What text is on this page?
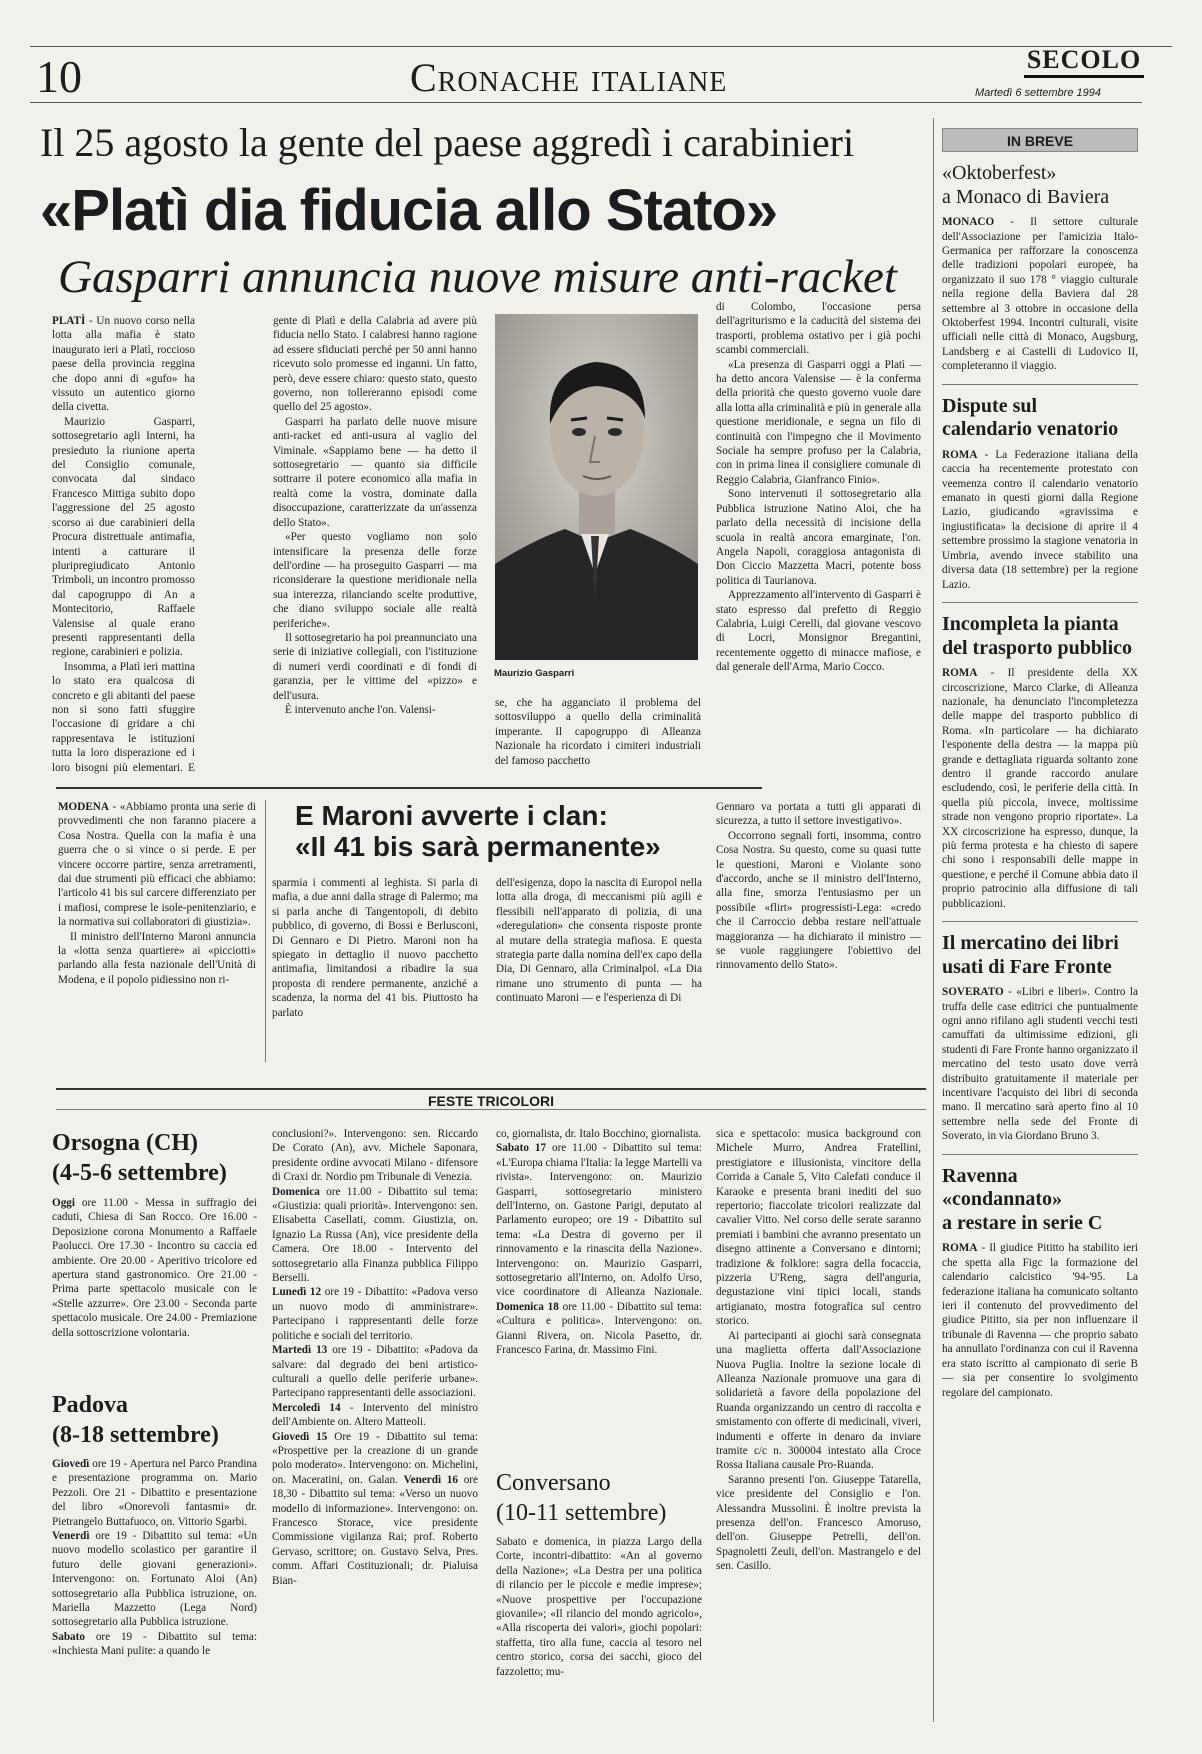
10	Cronache italiane	SECOLO
Martedì 6 settembre 1994
Il 25 agosto la gente del paese aggredì i carabinieri
«Platì dia fiducia allo Stato»
Gasparri annuncia nuove misure anti-racket

PLATÌ - Un nuovo corso nella lotta alla mafia è stato inaugurato ieri a Platì, roccioso paese della provincia reggina che dopo anni di «gufo» ha vissuto un autentico giorno della civetta.

Maurizio Gasparri, sottosegretario agli Interni, ha presieduto la riunione aperta del Consiglio comunale, convocata dal sindaco Francesco Mittiga subito dopo l'aggressione del 25 agosto scorso ai due carabinieri della Procura distrettuale antimafia, intenti a catturare il pluripregiudicato Antonio Trimboli, un incontro promosso dal capogruppo di An a Montecitorio, Raffaele Valensise al quale erano presenti rappresentanti della regione, carabinieri e polizia.

Insomma, a Platì ieri mattina lo stato era qualcosa di concreto e gli abitanti del paese non si sono fatti sfuggire l'occasione di gridare a chi rappresentava le istituzioni tutta la loro disperazione ed i loro bisogni più elementari. E

gente di Platì e della Calabria ad avere più fiducia nello Stato. I calabresi hanno ragione ad essere sfiduciati perché per 50 anni hanno ricevuto solo promesse ed inganni. Un fatto, però, deve essere chiaro: questo stato, questo governo, non tollereranno episodi come quello del 25 agosto».

Gasparri ha parlato delle nuove misure anti-racket ed anti-usura al vaglio del Viminale. «Sappiamo bene — ha detto il sottosegretario — quanto sia difficile sottrarre il potere economico alla mafia in realtà come la vostra, dominate dalla disoccupazione, caratterizzate da un'assenza dello Stato».

«Per questo vogliamo non solo intensificare la presenza delle forze dell'ordine — ha proseguito Gasparri — ma riconsiderare la questione meridionale nella sua interezza, rilanciando scelte produttive, che diano sviluppo sociale alle realtà periferiche».

Il sottosegretario ha poi preannunciato una serie di iniziative collegiali, con l'istituzione di numeri verdi coordinati e di fondi di garanzia, per le vittime del «pizzo» e dell'usura.

È intervenuto anche l'on. Valensi-

Maurizio Gasparri

se, che ha agganciato il problema del sottosviluppo a quello della criminalità imperante. Il capogruppo di Alleanza Nazionale ha ricordato i cimiteri industriali del famoso pacchetto

di Colombo, l'occasione persa dell'agriturismo e la caducità del sistema dei trasporti, problema ostativo per i già pochi scambi commerciali.

«La presenza di Gasparri oggi a Platì — ha detto ancora Valensise — è la conferma della priorità che questo governo vuole dare alla lotta alla criminalità e più in generale alla questione meridionale, e segna un filo di continuità con l'impegno che il Movimento Sociale ha sempre profuso per la Calabria, con in prima linea il consigliere comunale di Reggio Calabria, Gianfranco Finio».

Sono intervenuti il sottosegretario alla Pubblica istruzione Natino Aloi, che ha parlato della necessità di incisione della scuola in realtà ancora emarginate, l'on. Angela Napoli, coraggiosa antagonista di Don Ciccio Mazzetta Macrì, potente boss politica di Taurianova.

Apprezzamento all'intervento di Gasparri è stato espresso dal prefetto di Reggio Calabria, Luigi Cerelli, dal giovane vescovo di Locri, Monsignor Bregantini, recentemente oggetto di minacce mafiose, e dal generale dell'Arma, Mario Cocco.

E Maroni avverte i clan:
«Il 41 bis sarà permanente»

MODENA - «Abbiamo pronta una serie di provvedimenti che non faranno piacere a Cosa Nostra. Quella con la mafia è una guerra che o si vince o si perde. E per vincere occorre partire, senza arretramenti, dai due strumenti più efficaci che abbiamo: l'articolo 41 bis sul carcere differenziato per i mafiosi, comprese le isole-penitenziario, e la normativa sui collaboratori di giustizia».

Il ministro dell'Interno Maroni annuncia la «lotta senza quartiere» ai «picciotti» parlando alla festa nazionale dell'Unità di Modena, e il popolo pidiessino non ri-

sparmia i commenti al leghista. Si parla di mafia, a due anni dalla strage di Palermo; ma si parla anche di Tangentopoli, di debito pubblico, di governo, di Bossi e Berlusconi, Di Gennaro e Di Pietro. Maroni non ha spiegato in dettaglio il nuovo pacchetto antimafia, limitandosi a ribadire la sua proposta di rendere permanente, anziché a scadenza, la norma del 41 bis. Piuttosto ha parlato

dell'esigenza, dopo la nascita di Europol nella lotta alla droga, di meccanismi più agili e flessibili nell'apparato di polizia, di una «deregulation» che consenta risposte pronte al mutare della strategia mafiosa. E questa strategia parte dalla nomina dell'ex capo della Dia, Di Gennaro, alla Criminalpol. «La Dia rimane uno strumento di punta — ha continuato Maroni — e l'esperienza di Di

Gennaro va portata a tutti gli apparati di sicurezza, a tutto il settore investigativo».

Occorrono segnali forti, insomma, contro Cosa Nostra. Su questo, come su quasi tutte le questioni, Maroni e Violante sono d'accordo, anche se il ministro dell'Interno, alla fine, smorza l'entusiasmo per un possibile «flirt» progressisti-Lega: «credo che il Carroccio debba restare nell'attuale maggioranza — ha dichiarato il ministro — se vuole raggiungere l'obiettivo del rinnovamento dello Stato».

FESTE TRICOLORI
Orsogna (CH)
(4-5-6 settembre)

Oggi ore 11.00 - Messa in suffragio dei caduti, Chiesa di San Rocco. Ore 16.00 - Deposizione corona Monumento a Raffaele Paolucci. Ore 17.30 - Incontro su caccia ed ambiente. Ore 20.00 - Aperitivo tricolore ed apertura stand gastronomico. Ore 21.00 - Prima parte spettacolo musicale con le «Stelle azzurre». Ore 23.00 - Seconda parte spettacolo musicale. Ore 24.00 - Premiazione della sottoscrizione volontaria.

Padova
(8-18 settembre)

Giovedì ore 19 - Apertura nel Parco Prandina e presentazione programma on. Mario Pezzoli. Ore 21 - Dibattito e presentazione del libro «Onorevoli fantasmi» dr. Pietrangelo Buttafuoco, on. Vittorio Sgarbi.

Venerdì ore 19 - Dibattito sul tema: «Un nuovo modello scolastico per garantire il futuro delle giovani generazioni». Intervengono: on. Fortunato Aloi (An) sottosegretario alla Pubblica istruzione, on. Mariella Mazzetto (Lega Nord) sottosegretario alla Pubblica istruzione.

Sabato ore 19 - Dibattito sul tema: «Inchiesta Mani pulite: a quando le

conclusioni?». Intervengono: sen. Riccardo De Corato (An), avv. Michele Saponara, presidente ordine avvocati Milano - difensore di Craxi dr. Nordio pm Tribunale di Venezia.

Domenica ore 11.00 - Dibattito sul tema: «Giustizia: quali priorità». Intervengono: sen. Elisabetta Casellati, comm. Giustizia, on. Ignazio La Russa (An), vice presidente della Camera. Ore 18.00 - Intervento del sottosegretario alla Finanza pubblica Filippo Berselli.

Lunedì 12 ore 19 - Dibattito: «Padova verso un nuovo modo di amministrare». Partecipano i rappresentanti delle forze politiche e sociali del territorio.

Martedì 13 ore 19 - Dibattito: «Padova da salvare: dal degrado dei beni artistico-culturali a quello delle periferie urbane». Partecipano rappresentanti delle associazioni.

Mercoledì 14 - Intervento del ministro dell'Ambiente on. Altero Matteoli.

Giovedì 15 Ore 19 - Dibattito sul tema: «Prospettive per la creazione di un grande polo moderato». Intervengono: on. Michelini, on. Maceratini, on. Galan. Venerdì 16 ore 18,30 - Dibattito sul tema: «Verso un nuovo modello di informazione». Intervengono: on. Francesco Storace, vice presidente Commissione vigilanza Rai; prof. Roberto Gervaso, scrittore; on. Gustavo Selva, Pres. comm. Affari Costituzionali; dr. Pialuisa Bian-

co, giornalista, dr. Italo Bocchino, giornalista.

Sabato 17 ore 11.00 - Dibattito sul tema: «L'Europa chiama l'Italia: la legge Martelli va rivista». Intervengono: on. Maurizio Gasparri, sottosegretario ministero dell'Interno, on. Gastone Parigi, deputato al Parlamento europeo; ore 19 - Dibattito sul tema: «La Destra di governo per il rinnovamento e la rinascita della Nazione». Intervengono: on. Maurizio Gasparri, sottosegretario all'Interno, on. Adolfo Urso, vice coordinatore di Alleanza Nazionale. Domenica 18 ore 11.00 - Dibattito sul tema: «Cultura e politica». Intervengono: on. Gianni Rivera, on. Nicola Pasetto, dr. Francesco Farina, dr. Massimo Fini.

Conversano
(10-11 settembre)

Sabato e domenica, in piazza Largo della Corte, incontri-dibattito: «An al governo della Nazione»; «La Destra per una politica di rilancio per le piccole e medie imprese»; «Nuove prospettive per l'occupazione giovanile»; «Il rilancio del mondo agricolo», «Alla riscoperta dei valori», giochi popolari: staffetta, tiro alla fune, caccia al tesoro nel centro storico, corsa dei sacchi, gioco del fazzoletto; mu-

sica e spettacolo: musica background con Michele Murro, Andrea Fratellini, prestigiatore e illusionista, vincitore della Corrida a Canale 5, Vito Calefati conduce il Karaoke e presenta brani inediti del suo repertorio; fiaccolate tricolori realizzate dal cavalier Vitto. Nel corso delle serate saranno premiati i bambini che avranno presentato un disegno attinente a Conversano e dintorni; tradizione & folklore: sagra della focaccia, pizzeria U'Reng, sagra dell'anguria, degustazione vini tipici locali, stands artigianato, mostra fotografica sul centro storico.

Ai partecipanti ai giochi sarà consegnata una maglietta offerta dall'Associazione Nuova Puglia. Inoltre la sezione locale di Alleanza Nazionale promuove una gara di solidarietà a favore della popolazione del Ruanda organizzando un centro di raccolta e smistamento con offerte di medicinali, viveri, indumenti e offerte in denaro da inviare tramite c/c n. 300004 intestato alla Croce Rossa Italiana causale Pro-Ruanda.

Saranno presenti l'on. Giuseppe Tatarella, vice presidente del Consiglio e l'on. Alessandra Mussolini. È inoltre prevista la presenza dell'on. Francesco Amoruso, dell'on. Giuseppe Petrelli, dell'on. Spagnoletti Zeuli, dell'on. Mastrangelo e del sen. Casillo.

IN BREVE
«Oktoberfest»
a Monaco di Baviera
MONACO - Il settore culturale dell'Associazione per l'amicizia Italo-Germanica per rafforzare la conoscenza delle tradizioni popolari europee, ha organizzato il suo 178 ° viaggio culturale nella regione della Baviera dal 28 settembre al 3 ottobre in occasione della Oktoberfest 1994. Incontri culturali, visite ufficiali nelle città di Monaco, Augsburg, Landsberg e ai Castelli di Ludovico II, completeranno il viaggio.
Dispute sul
calendario venatorio
ROMA - La Federazione italiana della caccia ha recentemente protestato con veemenza contro il calendario venatorio emanato in questi giorni dalla Regione Lazio, giudicando «gravissima e ingiustificata» la decisione di aprire il 4 settembre prossimo la stagione venatoria in Umbria, avendo invece stabilito una diversa data (18 settembre) per la regione Lazio.
Incompleta la pianta
del trasporto pubblico
ROMA - Il presidente della XX circoscrizione, Marco Clarke, di Alleanza nazionale, ha denunciato l'incompletezza delle mappe del trasporto pubblico di Roma. «In particolare — ha dichiarato l'esponente della destra — la mappa più grande e dettagliata riguarda soltanto zone dentro il grande raccordo anulare escludendo, così, le periferie della città. In quella più piccola, invece, moltissime strade non vengono proprio riportate». La XX circoscrizione ha espresso, dunque, la più ferma protesta e ha chiesto di sapere chi sono i responsabili delle mappe in questione, e perché il Comune abbia dato il proprio patrocinio alla diffusione di tali pubblicazioni.
Il mercatino dei libri
usati di Fare Fronte
SOVERATO - «Libri e liberi». Contro la truffa delle case editrici che puntualmente ogni anno rifilano agli studenti vecchi testi camuffati da ultimissime edizioni, gli studenti di Fare Fronte hanno organizzato il mercatino del testo usato dove verrà distribuito gratuitamente il materiale per incentivare l'acquisto dei libri di seconda mano. Il mercatino sarà aperto fino al 10 settembre nella sede del Fronte di Soverato, in via Giordano Bruno 3.
Ravenna «condannato»
a restare in serie C
ROMA - Il giudice Pititto ha stabilito ieri che spetta alla Figc la formazione del calendario calcistico '94-'95. La federazione italiana ha comunicato soltanto ieri il contenuto del provvedimento del giudice Pititto, sia per non influenzare il tribunale di Ravenna — che proprio sabato ha annullato l'ordinanza con cui il Ravenna era stato iscritto al campionato di serie B — sia per consentire lo svolgimento regolare del campionato.
